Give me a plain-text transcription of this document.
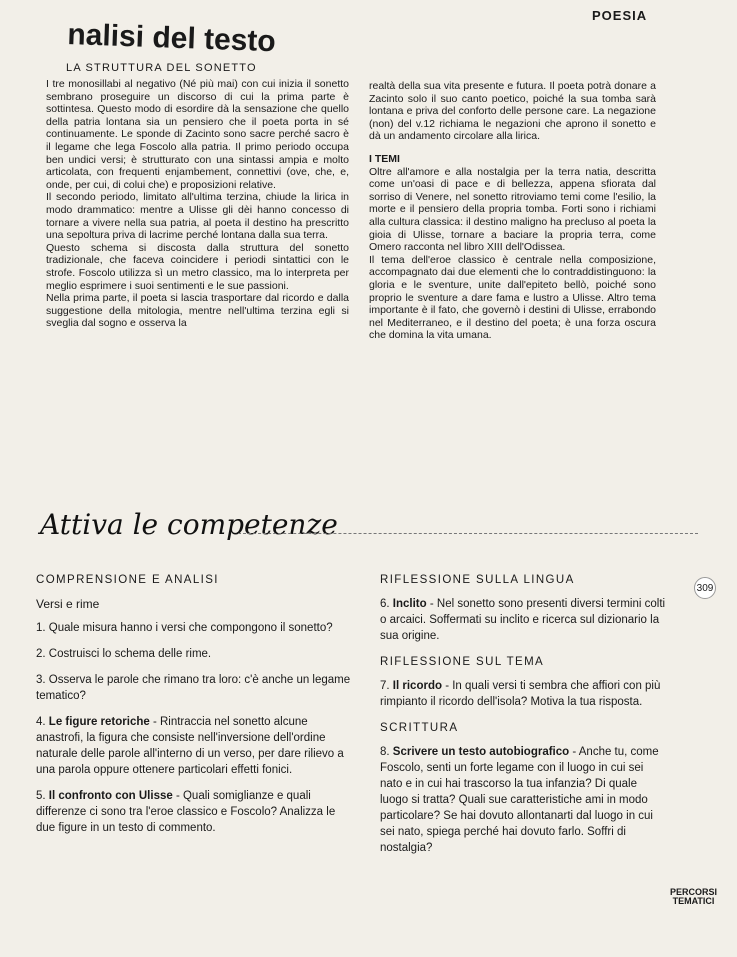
POESIA
nalisi del testo
LA STRUTTURA DEL SONETTO

I tre monosillabi al negativo (Né più mai) con cui inizia il sonetto sembrano proseguire un discorso di cui la prima parte è sottintesa. Questo modo di esordire dà la sensazione che quello della patria lontana sia un pensiero che il poeta porta in sé continuamente. Le sponde di Zacinto sono sacre perché sacro è il legame che lega Foscolo alla patria. Il primo periodo occupa ben undici versi; è strutturato con una sintassi ampia e molto articolata, con frequenti enjambement, connettivi (ove, che, e, onde, per cui, di colui che) e proposizioni relative.

Il secondo periodo, limitato all'ultima terzina, chiude la lirica in modo drammatico: mentre a Ulisse gli dèi hanno concesso di tornare a vivere nella sua patria, al poeta il destino ha prescritto una sepoltura priva di lacrime perché lontana dalla sua terra.

Questo schema si discosta dalla struttura del sonetto tradizionale, che faceva coincidere i periodi sintattici con le strofe. Foscolo utilizza sì un metro classico, ma lo interpreta per meglio esprimere i suoi sentimenti e le sue passioni.

Nella prima parte, il poeta si lascia trasportare dal ricordo e dalla suggestione della mitologia, mentre nell'ultima terzina egli si sveglia dal sogno e osserva la

realtà della sua vita presente e futura. Il poeta potrà donare a Zacinto solo il suo canto poetico, poiché la sua tomba sarà lontana e priva del conforto delle persone care. La negazione (non) del v.12 richiama le negazioni che aprono il sonetto e dà un andamento circolare alla lirica.

I TEMI

Oltre all'amore e alla nostalgia per la terra natia, descritta come un'oasi di pace e di bellezza, appena sfiorata dal sorriso di Venere, nel sonetto ritroviamo temi come l'esilio, la morte e il pensiero della propria tomba. Forti sono i richiami alla cultura classica: il destino maligno ha precluso al poeta la gioia di Ulisse, tornare a baciare la propria terra, come Omero racconta nel libro XIII dell'Odissea.

Il tema dell'eroe classico è centrale nella composizione, accompagnato dai due elementi che lo contraddistinguono: la gloria e le sventure, unite dall'epiteto bellò, poiché sono proprio le sventure a dare fama e lustro a Ulisse. Altro tema importante è il fato, che governò i destini di Ulisse, errabondo nel Mediterraneo, e il destino del poeta; è una forza oscura che domina la vita umana.

309
Attiva le competenze
COMPRENSIONE E ANALISI
Versi e rime
1. Quale misura hanno i versi che compongono il sonetto?
2. Costruisci lo schema delle rime.
3. Osserva le parole che rimano tra loro: c'è anche un legame tematico?
4. Le figure retoriche - Rintraccia nel sonetto alcune anastrofi, la figura che consiste nell'inversione dell'ordine naturale delle parole all'interno di un verso, per dare rilievo a una parola oppure ottenere particolari effetti fonici.
5. Il confronto con Ulisse - Quali somiglianze e quali differenze ci sono tra l'eroe classico e Foscolo? Analizza le due figure in un testo di commento.
RIFLESSIONE SULLA LINGUA
6. Inclito - Nel sonetto sono presenti diversi termini colti o arcaici. Soffermati su inclito e ricerca sul dizionario la sua origine.
RIFLESSIONE SUL TEMA
7. Il ricordo - In quali versi ti sembra che affiori con più rimpianto il ricordo dell'isola? Motiva la tua risposta.
SCRITTURA
8. Scrivere un testo autobiografico - Anche tu, come Foscolo, senti un forte legame con il luogo in cui sei nato e in cui hai trascorso la tua infanzia? Di quale luogo si tratta? Quali sue caratteristiche ami in modo particolare? Se hai dovuto allontanarti dal luogo in cui sei nato, spiega perché hai dovuto farlo. Soffri di nostalgia?
PERCORSI
TEMATICI
